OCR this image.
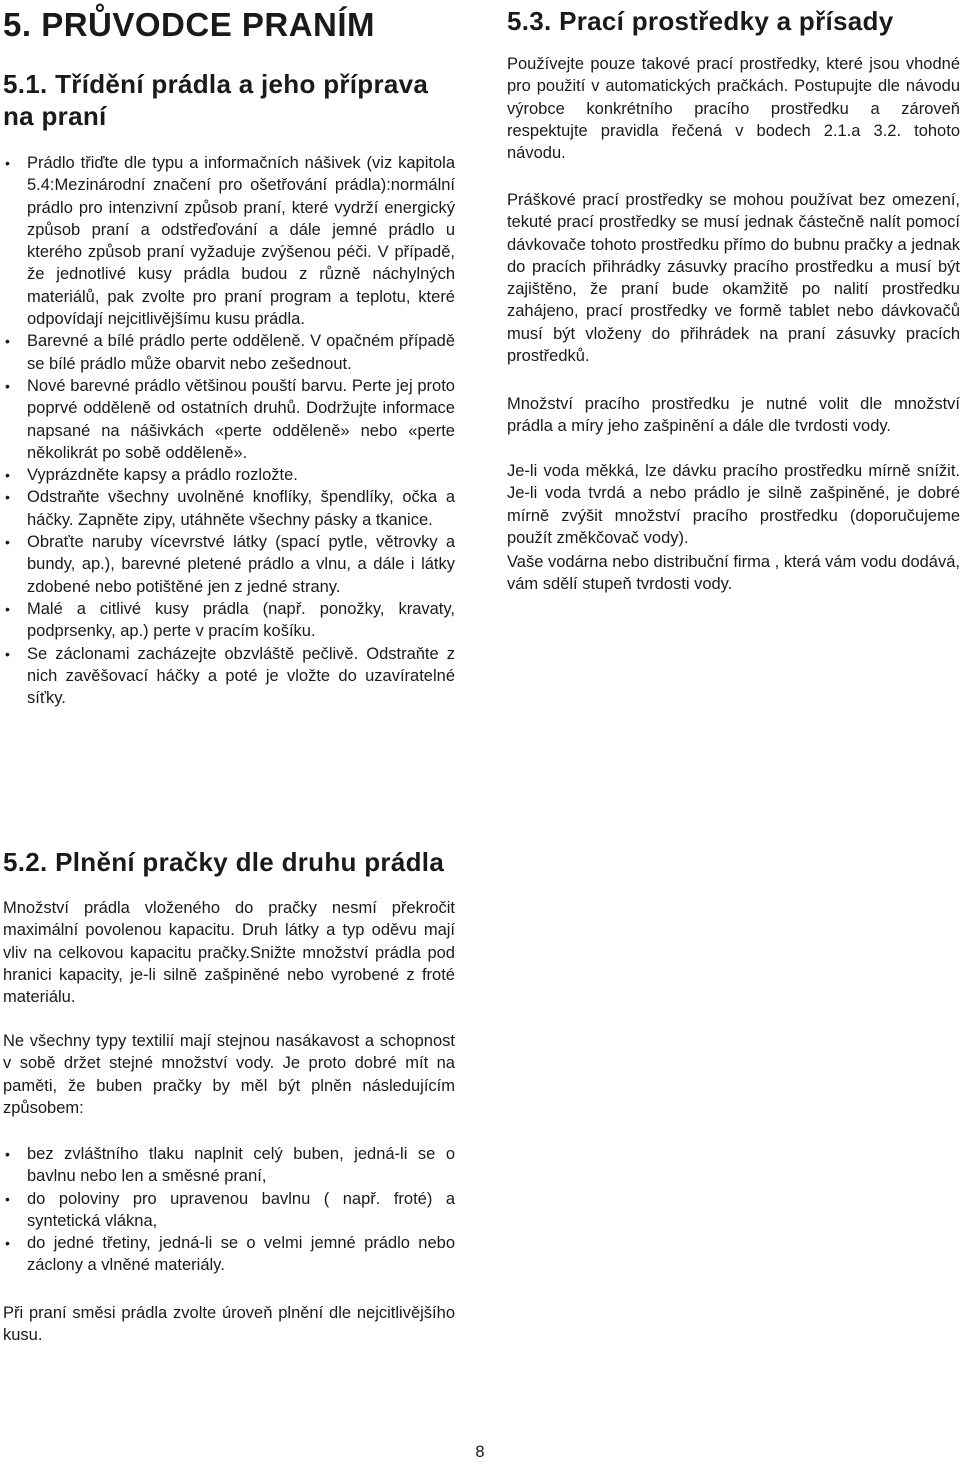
5. PRŮVODCE PRANÍM
5.1. Třídění prádla a jeho příprava na praní
• Prádlo třiďte dle typu a informačních nášivek (viz kapitola 5.4:Mezinárodní značení pro ošetřování prádla):normální prádlo pro intenzivní způsob praní, které vydrží energický způsob praní a odstřeďování a dále jemné prádlo u kterého způsob praní vyžaduje zvýšenou péči. V případě, že jednotlivé kusy prádla budou z různě náchylných materiálů, pak zvolte pro praní program a teplotu, které odpovídají nejcitlivějšímu kusu prádla.
• Barevné a bílé prádlo perte odděleně. V opačném případě se bílé prádlo může obarvit nebo zešednout.
• Nové barevné prádlo většinou pouští barvu. Perte jej proto poprvé odděleně od ostatních druhů. Dodržujte informace napsané na nášivkách «perte odděleně» nebo «perte několikrát po sobě odděleně».
• Vyprázdněte kapsy a prádlo rozložte.
• Odstraňte všechny uvolněné knoflíky, špendlíky, očka a háčky. Zapněte zipy, utáhněte všechny pásky a tkanice.
• Obraťte naruby vícevrstvé látky (spací pytle, větrovky a bundy, ap.), barevné pletené prádlo a vlnu, a dále i látky zdobené nebo potištěné jen z jedné strany.
• Malé a citlivé kusy prádla (např. ponožky, kravaty, podprsenky, ap.) perte v pracím košíku.
• Se záclonami zacházejte obzvláště pečlivě. Odstraňte z nich zavěšovací háčky a poté je vložte do uzavíratelné síťky.
5.2. Plnění pračky dle druhu prádla

Množství prádla vloženého do pračky nesmí překročit maximální povolenou kapacitu. Druh látky a typ oděvu mají vliv na celkovou kapacitu pračky.Snižte množství prádla pod hranici kapacity, je-li silně zašpiněné nebo vyrobené z froté materiálu.

Ne všechny typy textilií mají stejnou nasákavost a schopnost v sobě držet stejné množství vody. Je proto dobré mít na paměti, že buben pračky by měl být plněn následujícím způsobem:

• bez zvláštního tlaku naplnit celý buben, jedná-li se o bavlnu nebo len a směsné praní,
• do poloviny pro upravenou bavlnu ( např. froté) a syntetická vlákna,
• do jedné třetiny, jedná-li se o velmi jemné prádlo nebo záclony a vlněné materiály.

Při praní směsi prádla zvolte úroveň plnění dle nejcitlivějšího kusu.

5.3. Prací prostředky a přísady

Používejte pouze takové prací prostředky, které jsou vhodné pro použití v automatických pračkách. Postupujte dle návodu výrobce konkrétního pracího prostředku a zároveň respektujte pravidla řečená v bodech 2.1.a 3.2. tohoto návodu.

Práškové prací prostředky se mohou používat bez omezení, tekuté prací prostředky se musí jednak částečně nalít pomocí dávkovače tohoto prostředku přímo do bubnu pračky a jednak do pracích přihrádky zásuvky pracího prostředku a musí být zajištěno, že praní bude okamžitě po nalití prostředku zahájeno, prací prostředky ve formě tablet nebo dávkovačů musí být vloženy do přihrádek na praní zásuvky pracích prostředků.

Množství pracího prostředku je nutné volit dle množství prádla a míry jeho zašpinění a dále dle tvrdosti vody.

Je-li voda měkká, lze dávku pracího prostředku mírně snížit. Je-li voda tvrdá a nebo prádlo je silně zašpiněné, je dobré mírně zvýšit množství pracího prostředku (doporučujeme použít změkčovač vody).

Vaše vodárna nebo distribuční firma , která vám vodu dodává, vám sdělí stupeň tvrdosti vody.

8
